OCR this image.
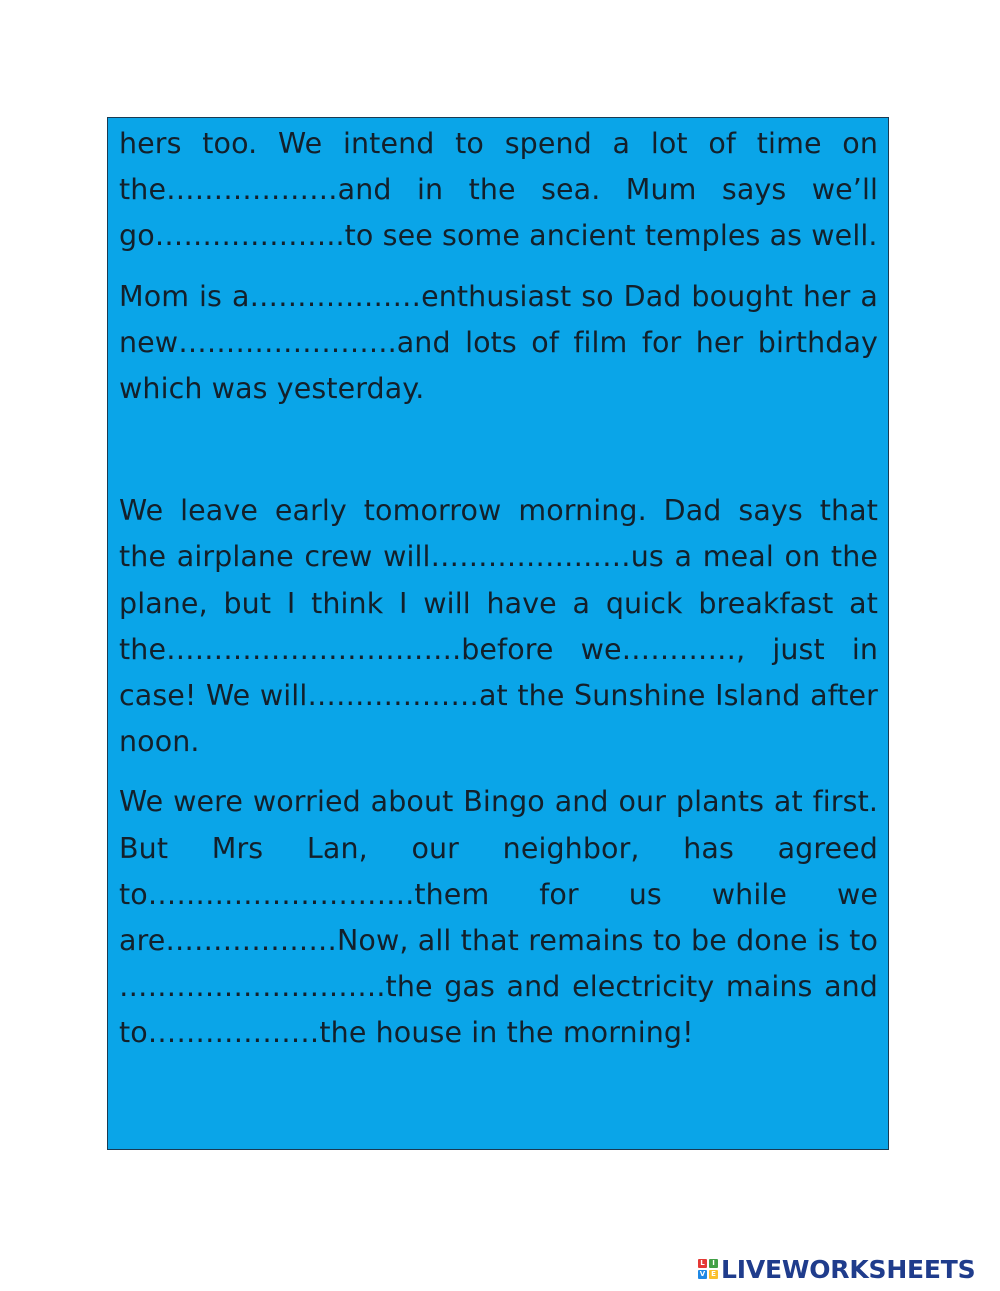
hers too. We intend to spend a lot of time on the………………and in the sea. Mum says we’ll go………………..to see some ancient temples as well.

Mom is a………………enthusiast so Dad bought her a new…………………..and lots of film for her birthday which was yesterday.

We leave early tomorrow morning. Dad says that the airplane crew will…………………us a meal on the plane, but I think I will have a quick breakfast at the………………………….before we…………, just in case! We will………………at the Sunshine Island after noon.

We were worried about Bingo and our plants at first. But Mrs Lan, our neighbor, has agreed to……………………….them for us while we are………………Now, all that remains to be done is to ……………………….the gas and electricity mains and to………………the house in the morning!

L	I
V E LIVEWORKSHEETS
